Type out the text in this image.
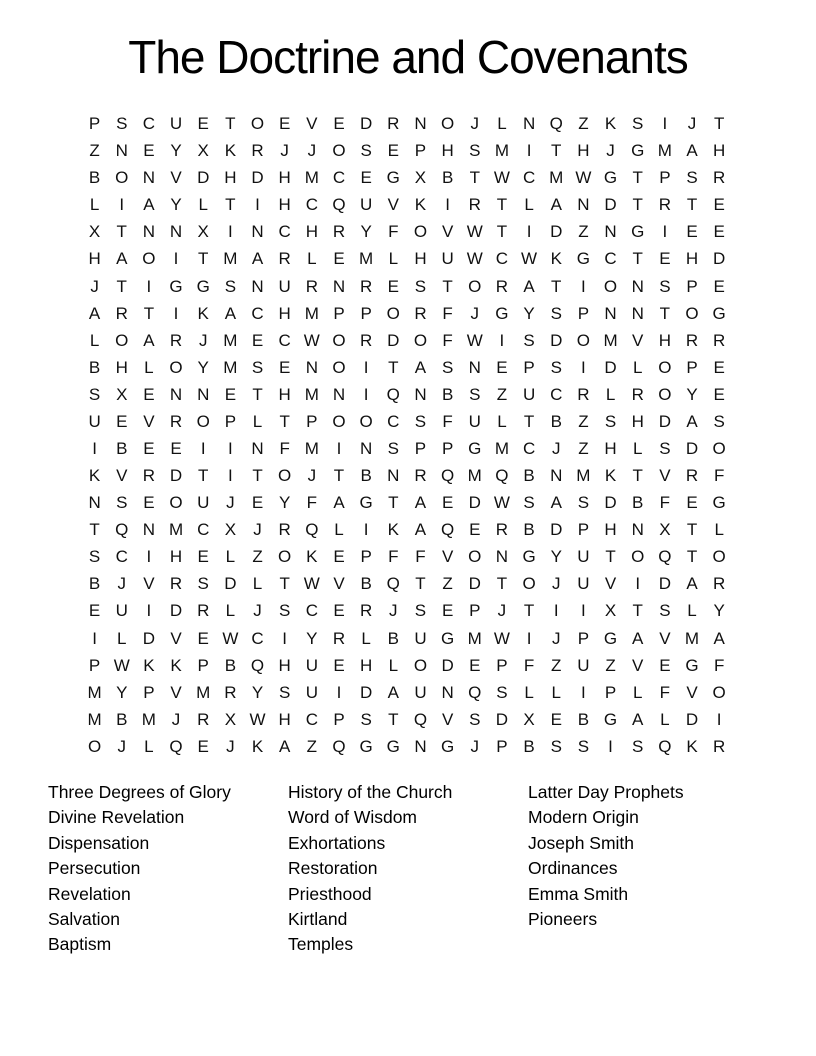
The Doctrine and Covenants
P S C U E T O E V E D R N O J	L N Q Z K S	I	J	T
Z N E Y X K R J	J O S E P H S M	I	T H J G M A H
B O N V D H D H M C E G X B T W C M W G T P S R
L	I	A Y L	T	I	H C Q U V K	I	R T	L A N D T R T E
X T N N X	I	N C H R Y F O V W T	I	D Z N G	I	E E
H A O	I	T M A R L E M L H U W C W K G C T E H D
J	T	I	G G S N U R N R E S T O R A T	I	O N S P E
A R T	I	K A C H M P P O R F	J G Y S P N N T O G
L O A R J M E C W O R D O F W I	S D O M V H R R
B H L O Y M S E N O	I	T A S N E P S	I	D L O P E
S X E N N E T H M N	I	Q N B S Z U C R L R O Y E
U E V R O P L	T P O O C S F U L	T B Z S H D A S
I	B E E	I	I	N F M	I	N S P P G M C J	Z H L S D O
K V R D T	I	T O J	T B N R Q M Q B N M K T V R F
N S E O U J	E Y F A G T A E D W S A S D B F E G
T Q N M C X	J R Q L	I	K A Q E R B D P H N X T	L
S C	I	H E L	Z O K E P F F V O N G Y U T O Q T O
B	J	V R S D L	T W V B Q T Z D T O J U V	I	D A R
E U	I	D R L	J	S C E R J	S E P	J	T	I	I	X T S L Y
I	L D V E W C	I	Y R L B U G M W I	J	P G A V M A
P W K K P B Q H U E H L O D E P F Z U Z V E G F
M Y P V M R Y S U	I	D A U N Q S L	L	I	P L	F V O
M B M J R X W H C P S T Q V S D X E B G A L D	I
O J	L Q E	J	K A Z Q G G N G J	P B S S	I	S Q K R
Three Degrees of Glory
Divine Revelation
Dispensation
Persecution
Revelation
Salvation
Baptism
History of the Church
Word of Wisdom
Exhortations
Restoration
Priesthood
Kirtland
Temples
Latter Day Prophets
Modern Origin
Joseph Smith
Ordinances
Emma Smith
Pioneers
